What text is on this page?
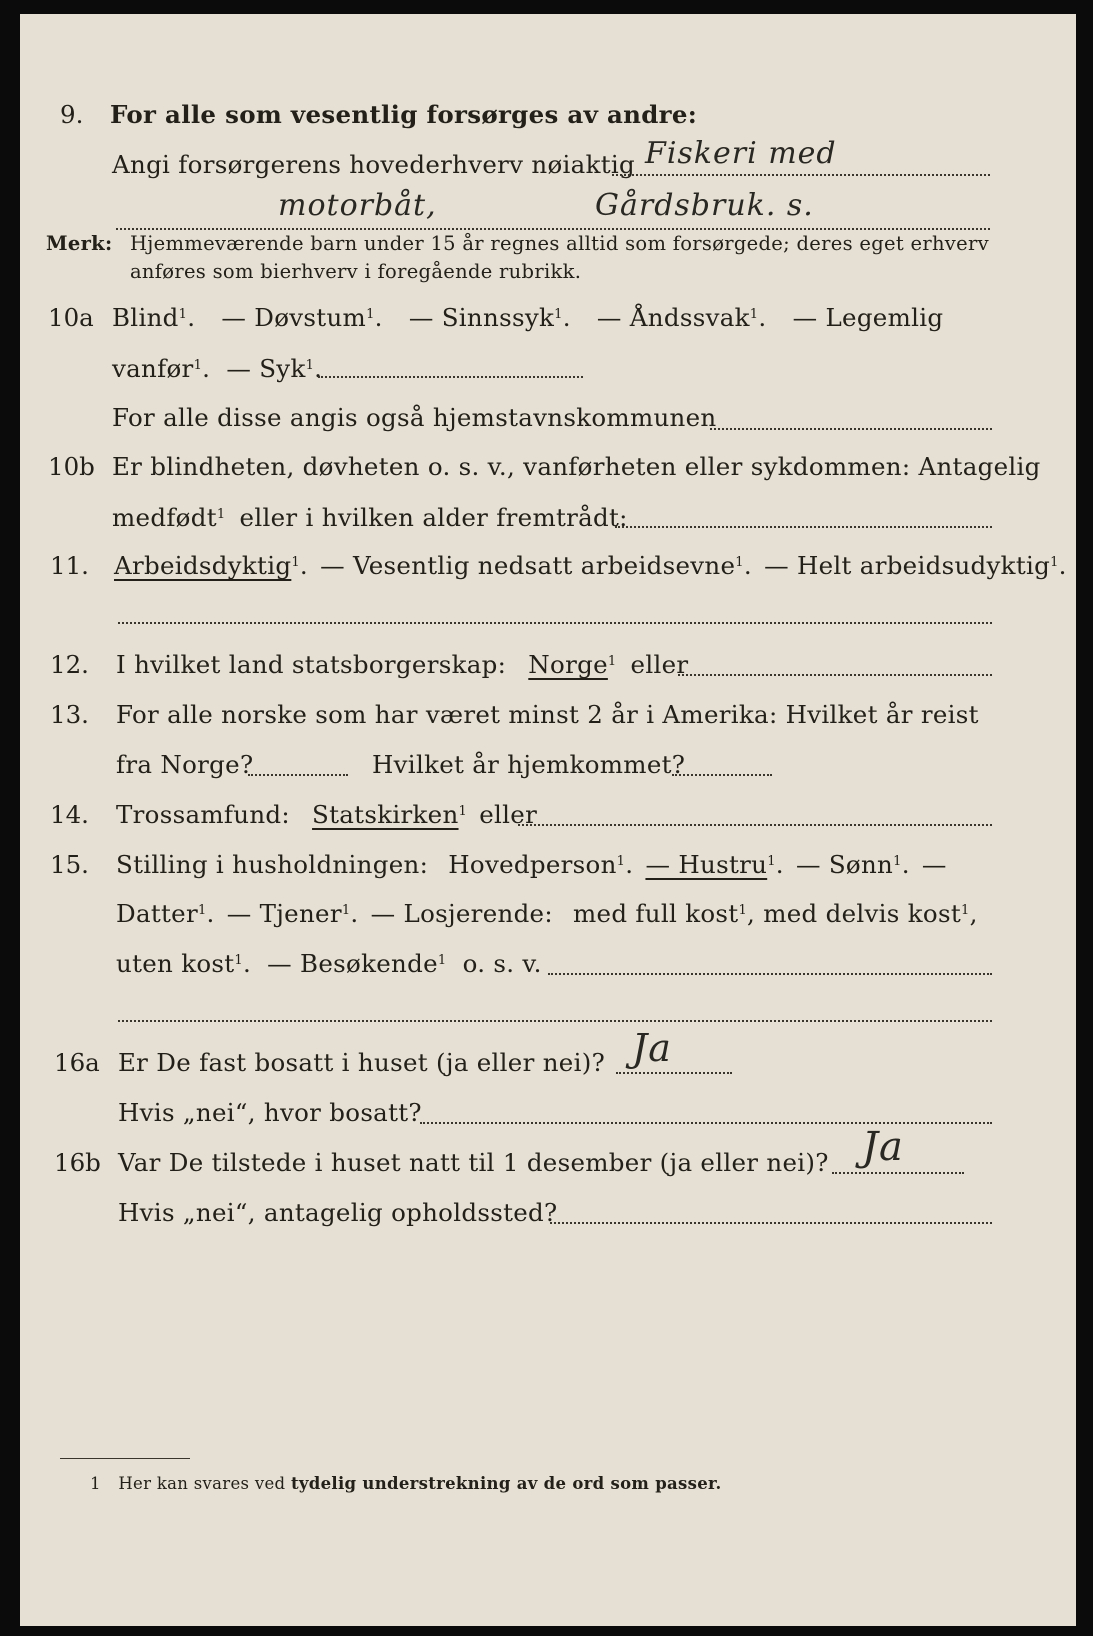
9. For alle som vesentlig forsørges av andre:
Angi forsørgerens hovederhverv nøiaktig Fiskeri med
motorbåt,	Gårdsbruk. s.
Merk: Hjemmeværende barn under 15 år regnes alltid som forsørgede; deres eget erhverv
anføres som bierhverv i foregående rubrikk.
10a Blind$^1$. — Døvstum$^1$. — Sinnssyk$^1$. — Åndssvak$^1$. — Legemlig
vanfør$^1$. — Syk$^1$.
For alle disse angis også hjemstavnskommunen
10b Er blindheten, døvheten o. s. v., vanførheten eller sykdommen: Antagelig
medfødt$^1$ eller i hvilken alder fremtrådt:
11. Arbeidsdyktig$^1$. — Vesentlig nedsatt arbeidsevne$^1$. — Helt arbeidsudyktig$^1$.
12. I hvilket land statsborgerskap: Norge$^1$ eller
13. For alle norske som har været minst 2 år i Amerika: Hvilket år reist
fra Norge?	Hvilket år hjemkommet?
14. Trossamfund: Statskirken$^1$ eller
15. Stilling i husholdningen: Hovedperson$^1$. — Hustru$^1$. — Sønn$^1$. —
Datter$^1$. — Tjener$^1$. — Losjerende: med full kost$^1$, med delvis kost$^1$,
uten kost$^1$. — Besøkende$^1$ o. s. v.
16a Er De fast bosatt i huset (ja eller nei)? Ja
Hvis „nei“, hvor bosatt?
16b Var De tilstede i huset natt til 1 desember (ja eller nei)? Ja
Hvis „nei“, antagelig opholdssted?
1 Her kan svares ved tydelig understrekning av de ord som passer.
